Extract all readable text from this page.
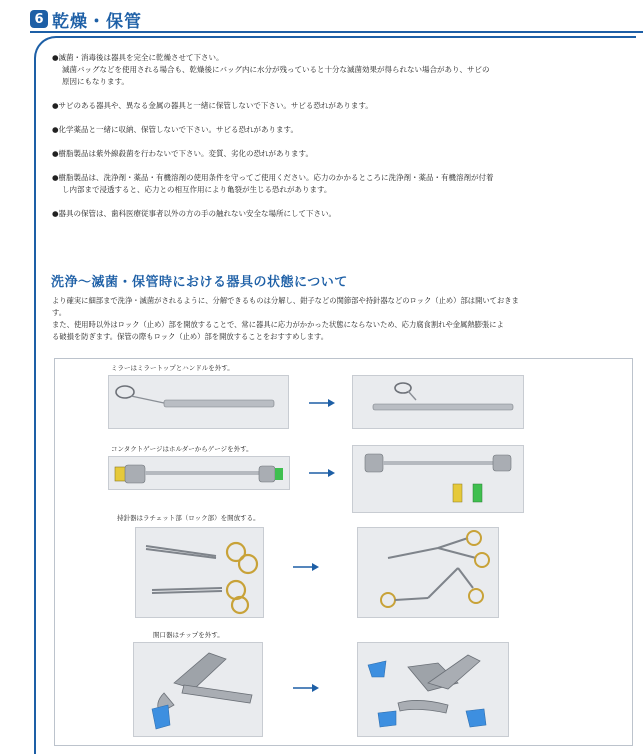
6 乾燥・保管
●滅菌・消毒後は器具を完全に乾燥させて下さい。
滅菌バッグなどを使用される場合も、乾燥後にバッグ内に水分が残っていると十分な滅菌効果が得られない場合があり、サビの
原因にもなります。
●サビのある器具や、異なる金属の器具と一緒に保管しないで下さい。サビる恐れがあります。
●化学薬品と一緒に収納、保管しないで下さい。サビる恐れがあります。
●樹脂製品は紫外線殺菌を行わないで下さい。変質、劣化の恐れがあります。
●樹脂製品は、洗浄剤・薬品・有機溶剤の使用条件を守ってご使用ください。応力のかかるところに洗浄剤・薬品・有機溶剤が付着
し内部まで浸透すると、応力との相互作用により亀裂が生じる恐れがあります。
●器具の保管は、歯科医療従事者以外の方の手の触れない安全な場所にして下さい。
洗浄～滅菌・保管時における器具の状態について
より確実に細部まで洗浄・滅菌がされるように、分解できるものは分解し、鉗子などの関節部や持針器などのロック（止め）部は開いておきま
す。
また、使用時以外はロック（止め）部を開放することで、常に器具に応力がかかった状態にならないため、応力腐食割れや金属熱膨張によ
る破損を防ぎます。保管の際もロック（止め）部を開放することをおすすめします。
ミラーはミラートップとハンドルを外す。
コンタクトゲージはホルダーからゲージを外す。
持針器はラチェット部（ロック部）を開放する。
開口器はチップを外す。
